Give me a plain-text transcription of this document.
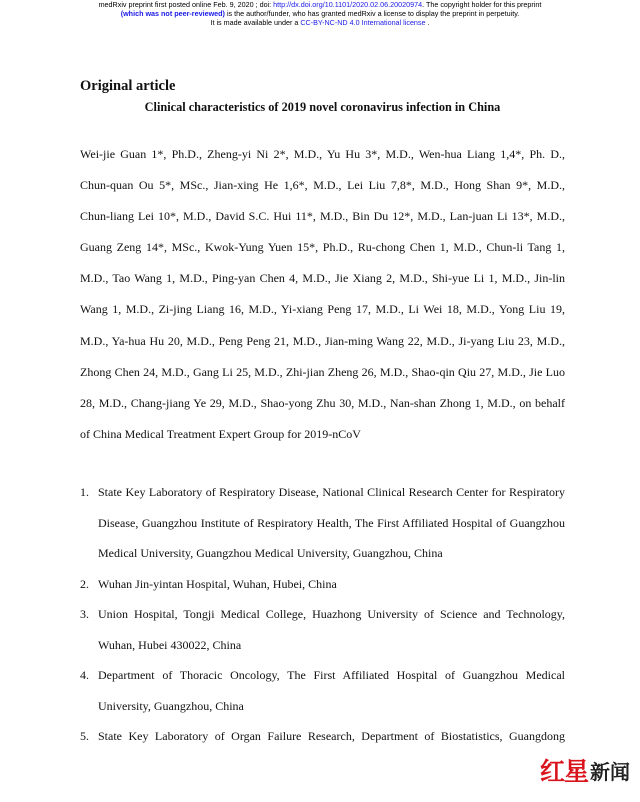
medRxiv preprint first posted online Feb. 9, 2020 ; doi: http://dx.doi.org/10.1101/2020.02.06.20020974. The copyright holder for this preprint
(which was not peer-reviewed) is the author/funder, who has granted medRxiv a license to display the preprint in perpetuity.
It is made available under a CC-BY-NC-ND 4.0 International license .
Original article
Clinical characteristics of 2019 novel coronavirus infection in China

Wei-jie Guan 1*, Ph.D., Zheng-yi Ni 2*, M.D., Yu Hu 3*, M.D., Wen-hua Liang 1,4*, Ph. D.,

Chun-quan Ou 5*, MSc., Jian-xing He 1,6*, M.D., Lei Liu 7,8*, M.D., Hong Shan 9*, M.D.,

Chun-liang Lei 10*, M.D., David S.C. Hui 11*, M.D., Bin Du 12*, M.D., Lan-juan Li 13*, M.D.,

Guang Zeng 14*, MSc., Kwok-Yung Yuen 15*, Ph.D., Ru-chong Chen 1, M.D., Chun-li Tang 1,

M.D., Tao Wang 1, M.D., Ping-yan Chen 4, M.D., Jie Xiang 2, M.D., Shi-yue Li 1, M.D., Jin-lin

Wang 1, M.D., Zi-jing Liang 16, M.D., Yi-xiang Peng 17, M.D., Li Wei 18, M.D., Yong Liu 19,

M.D., Ya-hua Hu 20, M.D., Peng Peng 21, M.D., Jian-ming Wang 22, M.D., Ji-yang Liu 23, M.D.,

Zhong Chen 24, M.D., Gang Li 25, M.D., Zhi-jian Zheng 26, M.D., Shao-qin Qiu 27, M.D., Jie Luo

28, M.D., Chang-jiang Ye 29, M.D., Shao-yong Zhu 30, M.D., Nan-shan Zhong 1, M.D., on behalf

of China Medical Treatment Expert Group for 2019-nCoV

1. State Key Laboratory of Respiratory Disease, National Clinical Research Center for Respiratory

Disease, Guangzhou Institute of Respiratory Health, The First Affiliated Hospital of Guangzhou

Medical University, Guangzhou Medical University, Guangzhou, China

2. Wuhan Jin-yintan Hospital, Wuhan, Hubei, China

3. Union Hospital, Tongji Medical College, Huazhong University of Science and Technology,

Wuhan, Hubei 430022, China

4. Department of Thoracic Oncology, The First Affiliated Hospital of Guangzhou Medical

University, Guangzhou, China

5. State Key Laboratory of Organ Failure Research, Department of Biostatistics, Guangdong

红星 新闻
